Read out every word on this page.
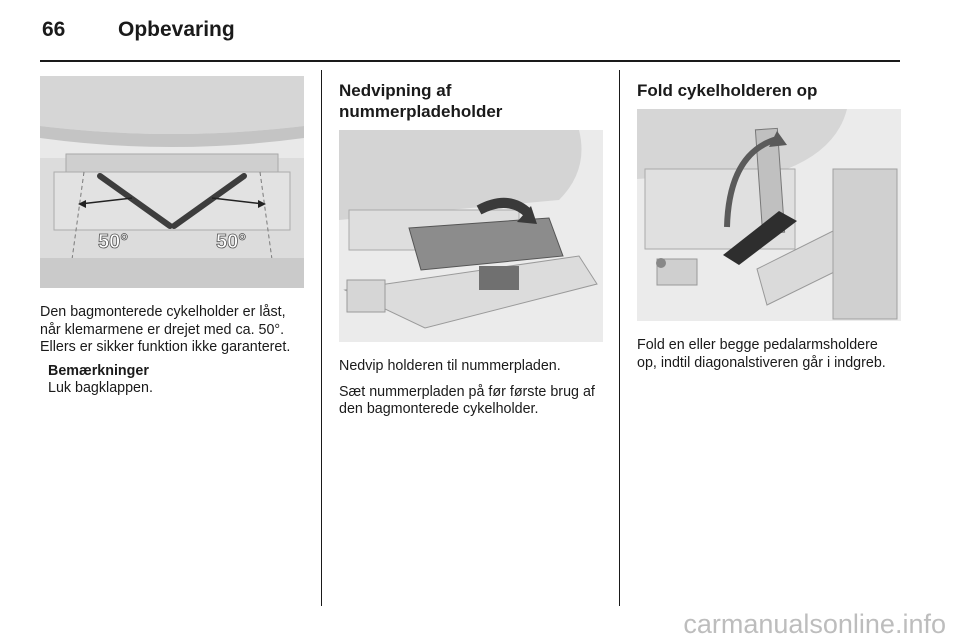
66	Opbevaring
50°	50°

Den bagmonterede cykelholder er låst, når klemarmene er drejet med ca. 50°. Ellers er sikker funktion ikke garanteret.

Bemærkninger
Luk bagklappen.
Nedvipning af nummerpladeholder

Nedvip holderen til nummerpladen.

Sæt nummerpladen på før første brug af den bagmonterede cykelholder.

Fold cykelholderen op

Fold en eller begge pedalarmsholdere op, indtil diagonalstiveren går i indgreb.

carmanualsonline.info
